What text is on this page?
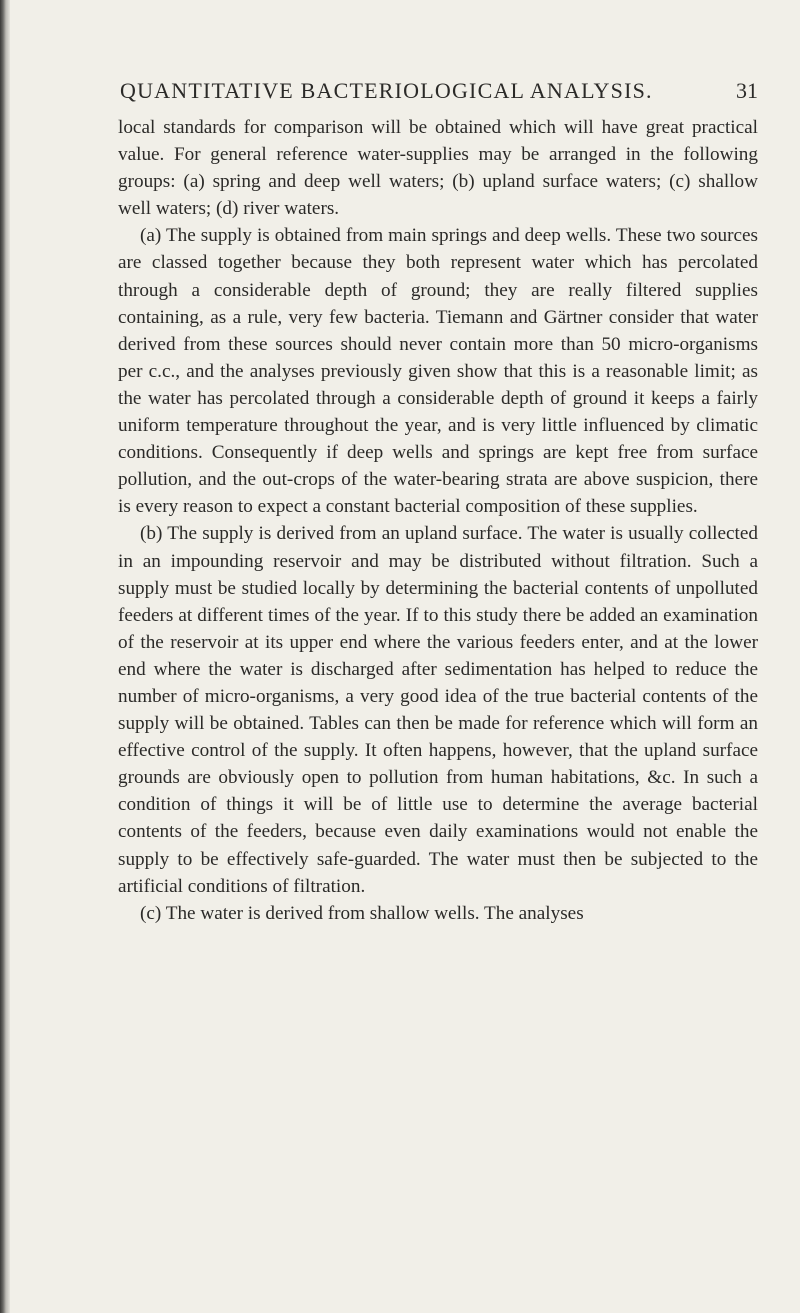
QUANTITATIVE BACTERIOLOGICAL ANALYSIS.	31

local standards for comparison will be obtained which will have great practical value. For general reference water-supplies may be arranged in the following groups: (a) spring and deep well waters; (b) upland surface waters; (c) shallow well waters; (d) river waters.

(a) The supply is obtained from main springs and deep wells. These two sources are classed together because they both represent water which has percolated through a considerable depth of ground; they are really filtered supplies containing, as a rule, very few bacteria. Tiemann and Gärtner consider that water derived from these sources should never contain more than 50 micro-organisms per c.c., and the analyses previously given show that this is a reasonable limit; as the water has percolated through a considerable depth of ground it keeps a fairly uniform temperature throughout the year, and is very little influenced by climatic conditions. Consequently if deep wells and springs are kept free from surface pollution, and the out-crops of the water-bearing strata are above suspicion, there is every reason to expect a constant bacterial composition of these supplies.

(b) The supply is derived from an upland surface. The water is usually collected in an impounding reservoir and may be distributed without filtration. Such a supply must be studied locally by determining the bacterial contents of unpolluted feeders at different times of the year. If to this study there be added an examination of the reservoir at its upper end where the various feeders enter, and at the lower end where the water is discharged after sedimentation has helped to reduce the number of micro-organisms, a very good idea of the true bacterial contents of the supply will be obtained. Tables can then be made for reference which will form an effective control of the supply. It often happens, however, that the upland surface grounds are obviously open to pollution from human habitations, &c. In such a condition of things it will be of little use to determine the average bacterial contents of the feeders, because even daily examinations would not enable the supply to be effectively safe-guarded. The water must then be subjected to the artificial conditions of filtration.

(c) The water is derived from shallow wells. The analyses
